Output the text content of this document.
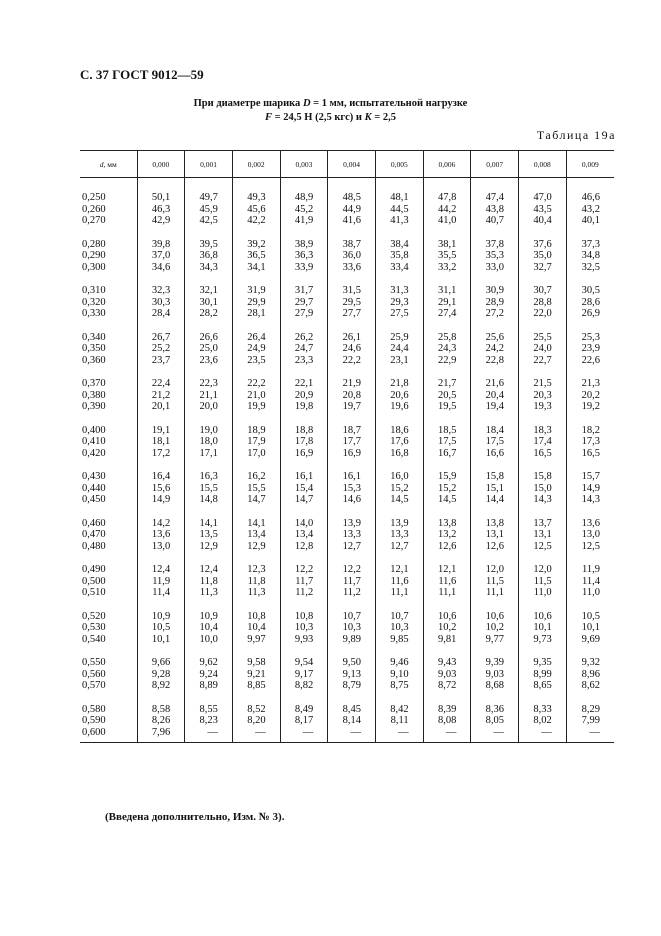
С. 37 ГОСТ 9012—59
При диаметре шарика D = 1 мм, испытательной нагрузке
F = 24,5 Н (2,5 кгс) и K = 2,5
Таблица 19а
d, мм	0,000	0,001	0,002	0,003	0,004	0,005	0,006	0,007	0,008	0,009
0,250	50,1	49,7	49,3	48,9	48,5	48,1	47,8	47,4	47,0	46,6
0,260	46,3	45,9	45,6	45,2	44,9	44,5	44,2	43,8	43,5	43,2
0,270	42,9	42,5	42,2	41,9	41,6	41,3	41,0	40,7	40,4	40,1
0,280	39,8	39,5	39,2	38,9	38,7	38,4	38,1	37,8	37,6	37,3
0,290	37,0	36,8	36,5	36,3	36,0	35,8	35,5	35,3	35,0	34,8
0,300	34,6	34,3	34,1	33,9	33,6	33,4	33,2	33,0	32,7	32,5
0,310	32,3	32,1	31,9	31,7	31,5	31,3	31,1	30,9	30,7	30,5
0,320	30,3	30,1	29,9	29,7	29,5	29,3	29,1	28,9	28,8	28,6
0,330	28,4	28,2	28,1	27,9	27,7	27,5	27,4	27,2	22,0	26,9
0,340	26,7	26,6	26,4	26,2	26,1	25,9	25,8	25,6	25,5	25,3
0,350	25,2	25,0	24,9	24,7	24,6	24,4	24,3	24,2	24,0	23,9
0,360	23,7	23,6	23,5	23,3	22,2	23,1	22,9	22,8	22,7	22,6
0,370	22,4	22,3	22,2	22,1	21,9	21,8	21,7	21,6	21,5	21,3
0,380	21,2	21,1	21,0	20,9	20,8	20,6	20,5	20,4	20,3	20,2
0,390	20,1	20,0	19,9	19,8	19,7	19,6	19,5	19,4	19,3	19,2
0,400	19,1	19,0	18,9	18,8	18,7	18,6	18,5	18,4	18,3	18,2
0,410	18,1	18,0	17,9	17,8	17,7	17,6	17,5	17,5	17,4	17,3
0,420	17,2	17,1	17,0	16,9	16,9	16,8	16,7	16,6	16,5	16,5
0,430	16,4	16,3	16,2	16,1	16,1	16,0	15,9	15,8	15,8	15,7
0,440	15,6	15,5	15,5	15,4	15,3	15,2	15,2	15,1	15,0	14,9
0,450	14,9	14,8	14,7	14,7	14,6	14,5	14,5	14,4	14,3	14,3
0,460	14,2	14,1	14,1	14,0	13,9	13,9	13,8	13,8	13,7	13,6
0,470	13,6	13,5	13,4	13,4	13,3	13,3	13,2	13,1	13,1	13,0
0,480	13,0	12,9	12,9	12,8	12,7	12,7	12,6	12,6	12,5	12,5
0,490	12,4	12,4	12,3	12,2	12,2	12,1	12,1	12,0	12,0	11,9
0,500	11,9	11,8	11,8	11,7	11,7	11,6	11,6	11,5	11,5	11,4
0,510	11,4	11,3	11,3	11,2	11,2	11,1	11,1	11,1	11,0	11,0
0,520	10,9	10,9	10,8	10,8	10,7	10,7	10,6	10,6	10,6	10,5
0,530	10,5	10,4	10,4	10,3	10,3	10,3	10,2	10,2	10,1	10,1
0,540	10,1	10,0	9,97	9,93	9,89	9,85	9,81	9,77	9,73	9,69
0,550	9,66	9,62	9,58	9,54	9,50	9,46	9,43	9,39	9,35	9,32
0,560	9,28	9,24	9,21	9,17	9,13	9,10	9,03	9,03	8,99	8,96
0,570	8,92	8,89	8,85	8,82	8,79	8,75	8,72	8,68	8,65	8,62
0,580	8,58	8,55	8,52	8,49	8,45	8,42	8,39	8,36	8,33	8,29
0,590	8,26	8,23	8,20	8,17	8,14	8,11	8,08	8,05	8,02	7,99
0,600	7,96	—	—	—	—	—	—	—	—	—
(Введена дополнительно, Изм. № 3).
